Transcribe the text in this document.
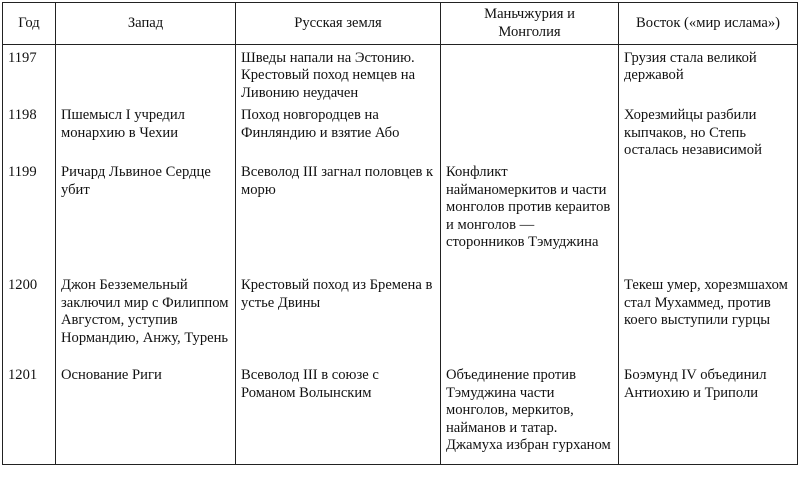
Год	Запад	Русская земля	Маньчжурия и Монголия	Восток («мир ислама»)
1197		Шведы напали на Эстонию. Крестовый поход немцев на Ливонию неудачен		Грузия стала великой державой
1198	Пшемысл I учредил монархию в Чехии	Поход новгородцев на Финляндию и взятие Або		Хорезмийцы разбили кыпчаков, но Степь осталась независимой
1199	Ричард Львиное Сердце убит	Всеволод III загнал половцев к морю	Конфликт найманомеркитов и части монголов против кераитов и монголов — сторонников Тэмуджина	
1200	Джон Безземельный заключил мир с Филиппом Августом, уступив Нормандию, Анжу, Турень	Крестовый поход из Бремена в устье Двины		Текеш умер, хорезмшахом стал Мухаммед, против коего выступили гурцы
1201	Основание Риги	Всеволод III в союзе с Романом Волынским	Объединение против Тэмуджина части монголов, меркитов, найманов и татар. Джамуха избран гурханом	Боэмунд IV объединил Антиохию и Триполи
